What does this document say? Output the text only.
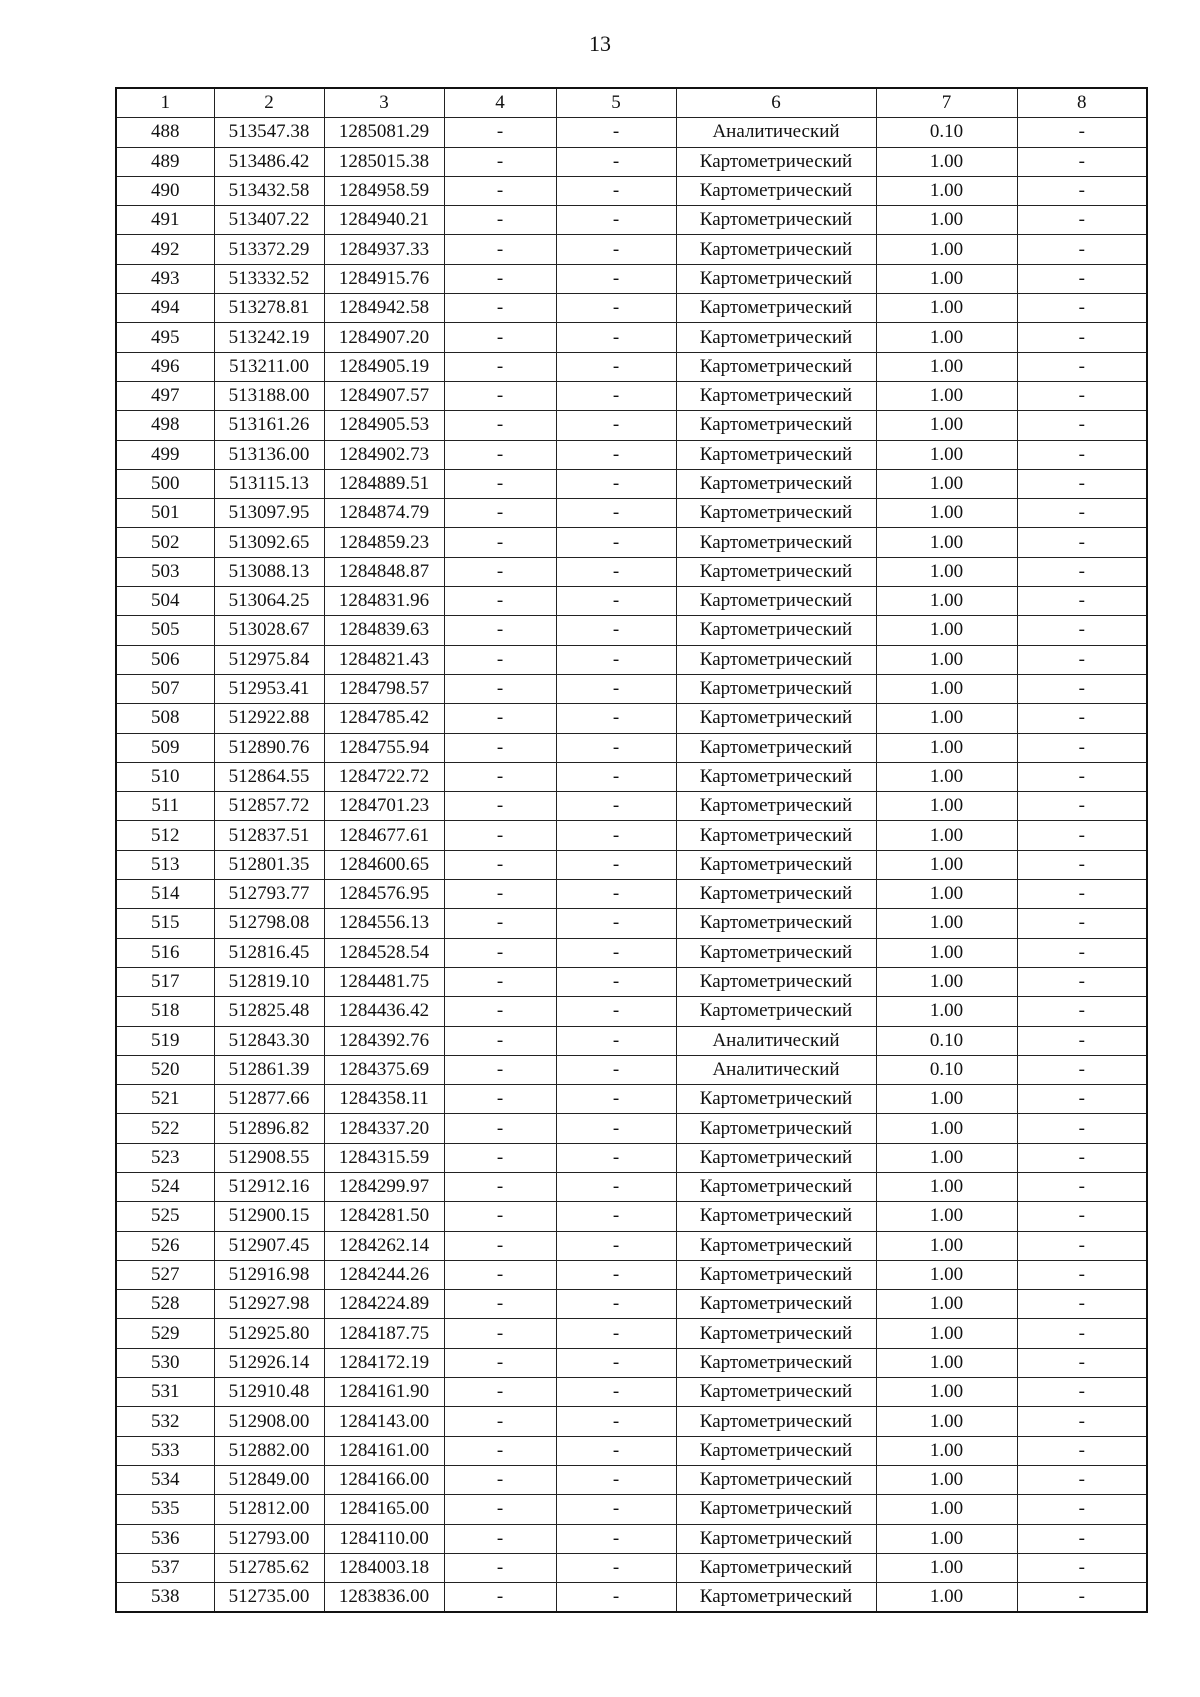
13
1	2	3	4	5	6	7	8
488	513547.38	1285081.29	-	-	Аналитический	0.10	-
489	513486.42	1285015.38	-	-	Картометрический	1.00	-
490	513432.58	1284958.59	-	-	Картометрический	1.00	-
491	513407.22	1284940.21	-	-	Картометрический	1.00	-
492	513372.29	1284937.33	-	-	Картометрический	1.00	-
493	513332.52	1284915.76	-	-	Картометрический	1.00	-
494	513278.81	1284942.58	-	-	Картометрический	1.00	-
495	513242.19	1284907.20	-	-	Картометрический	1.00	-
496	513211.00	1284905.19	-	-	Картометрический	1.00	-
497	513188.00	1284907.57	-	-	Картометрический	1.00	-
498	513161.26	1284905.53	-	-	Картометрический	1.00	-
499	513136.00	1284902.73	-	-	Картометрический	1.00	-
500	513115.13	1284889.51	-	-	Картометрический	1.00	-
501	513097.95	1284874.79	-	-	Картометрический	1.00	-
502	513092.65	1284859.23	-	-	Картометрический	1.00	-
503	513088.13	1284848.87	-	-	Картометрический	1.00	-
504	513064.25	1284831.96	-	-	Картометрический	1.00	-
505	513028.67	1284839.63	-	-	Картометрический	1.00	-
506	512975.84	1284821.43	-	-	Картометрический	1.00	-
507	512953.41	1284798.57	-	-	Картометрический	1.00	-
508	512922.88	1284785.42	-	-	Картометрический	1.00	-
509	512890.76	1284755.94	-	-	Картометрический	1.00	-
510	512864.55	1284722.72	-	-	Картометрический	1.00	-
511	512857.72	1284701.23	-	-	Картометрический	1.00	-
512	512837.51	1284677.61	-	-	Картометрический	1.00	-
513	512801.35	1284600.65	-	-	Картометрический	1.00	-
514	512793.77	1284576.95	-	-	Картометрический	1.00	-
515	512798.08	1284556.13	-	-	Картометрический	1.00	-
516	512816.45	1284528.54	-	-	Картометрический	1.00	-
517	512819.10	1284481.75	-	-	Картометрический	1.00	-
518	512825.48	1284436.42	-	-	Картометрический	1.00	-
519	512843.30	1284392.76	-	-	Аналитический	0.10	-
520	512861.39	1284375.69	-	-	Аналитический	0.10	-
521	512877.66	1284358.11	-	-	Картометрический	1.00	-
522	512896.82	1284337.20	-	-	Картометрический	1.00	-
523	512908.55	1284315.59	-	-	Картометрический	1.00	-
524	512912.16	1284299.97	-	-	Картометрический	1.00	-
525	512900.15	1284281.50	-	-	Картометрический	1.00	-
526	512907.45	1284262.14	-	-	Картометрический	1.00	-
527	512916.98	1284244.26	-	-	Картометрический	1.00	-
528	512927.98	1284224.89	-	-	Картометрический	1.00	-
529	512925.80	1284187.75	-	-	Картометрический	1.00	-
530	512926.14	1284172.19	-	-	Картометрический	1.00	-
531	512910.48	1284161.90	-	-	Картометрический	1.00	-
532	512908.00	1284143.00	-	-	Картометрический	1.00	-
533	512882.00	1284161.00	-	-	Картометрический	1.00	-
534	512849.00	1284166.00	-	-	Картометрический	1.00	-
535	512812.00	1284165.00	-	-	Картометрический	1.00	-
536	512793.00	1284110.00	-	-	Картометрический	1.00	-
537	512785.62	1284003.18	-	-	Картометрический	1.00	-
538	512735.00	1283836.00	-	-	Картометрический	1.00	-
